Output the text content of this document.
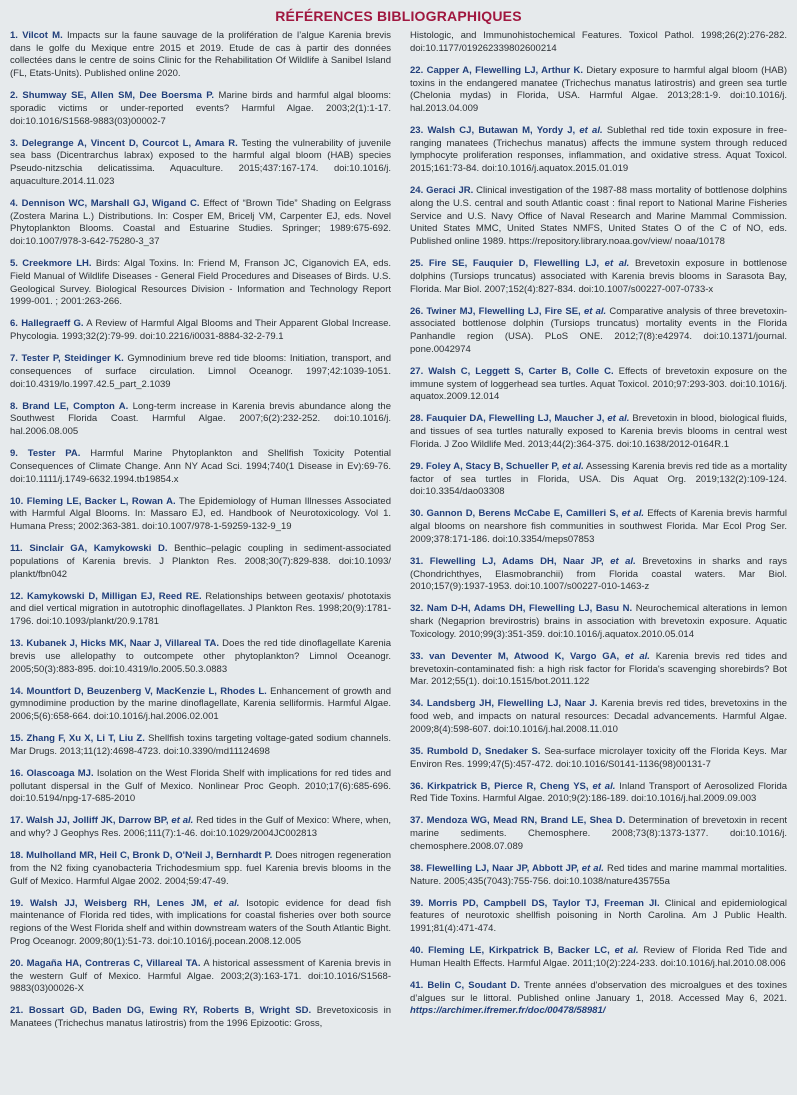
RÉFÉRENCES BIBLIOGRAPHIQUES

1. Vilcot M. Impacts sur la faune sauvage de la prolifération de l’algue Karenia brevis dans le golfe du Mexique entre 2015 et 2019. Etude de cas à partir des données collectées dans le centre de soins Clinic for the Rehabilitation Of Wildlife à Sanibel Island (FL, Etats-Units). Published online 2020.

2. Shumway SE, Allen SM, Dee Boersma P. Marine birds and harmful algal blooms: sporadic victims or under-reported events? Harmful Algae. 2003;2(1):1-17. doi:10.1016/S1568-9883(03)00002-7

3. Delegrange A, Vincent D, Courcot L, Amara R. Testing the vulnerability of juvenile sea bass (Dicentrarchus labrax) exposed to the harmful algal bloom (HAB) species Pseudo-nitzschia delicatissima. Aquaculture. 2015;437:167-174. doi:10.1016/j. aquaculture.2014.11.023

4. Dennison WC, Marshall GJ, Wigand C. Effect of “Brown Tide” Shading on Eelgrass (Zostera Marina L.) Distributions. In: Cosper EM, Bricelj VM, Carpenter EJ, eds. Novel Phytoplankton Blooms. Coastal and Estuarine Studies. Springer; 1989:675-692. doi:10.1007/978-3-642-75280-3_37

5. Creekmore LH. Birds: Algal Toxins. In: Friend M, Franson JC, Ciganovich EA, eds. Field Manual of Wildlife Diseases - General Field Procedures and Diseases of Birds. U.S. Geological Survey. Biological Resources Division - Information and Technology Report 1999-001. ; 2001:263-266.

6. Hallegraeff G. A Review of Harmful Algal Blooms and Their Apparent Global Increase. Phycologia. 1993;32(2):79-99. doi:10.2216/i0031-8884-32-2-79.1

7. Tester P, Steidinger K. Gymnodinium breve red tide blooms: Initiation, transport, and consequences of surface circulation. Limnol Oceanogr. 1997;42:1039-1051. doi:10.4319/lo.1997.42.5_part_2.1039

8. Brand LE, Compton A. Long-term increase in Karenia brevis abundance along the Southwest Florida Coast. Harmful Algae. 2007;6(2):232-252. doi:10.1016/j. hal.2006.08.005

9. Tester PA. Harmful Marine Phytoplankton and Shellfish Toxicity Potential Consequences of Climate Change. Ann NY Acad Sci. 1994;740(1 Disease in Ev):69-76. doi:10.1111/j.1749-6632.1994.tb19854.x

10. Fleming LE, Backer L, Rowan A. The Epidemiology of Human Illnesses Associated with Harmful Algal Blooms. In: Massaro EJ, ed. Handbook of Neurotoxicology. Vol 1. Humana Press; 2002:363-381. doi:10.1007/978-1-59259-132-9_19

11. Sinclair GA, Kamykowski D. Benthic–pelagic coupling in sediment-associated populations of Karenia brevis. J Plankton Res. 2008;30(7):829-838. doi:10.1093/ plankt/fbn042

12. Kamykowski D, Milligan EJ, Reed RE. Relationships between geotaxis/ phototaxis and diel vertical migration in autotrophic dinoflagellates. J Plankton Res. 1998;20(9):1781-1796. doi:10.1093/plankt/20.9.1781

13. Kubanek J, Hicks MK, Naar J, Villareal TA. Does the red tide dinoflagellate Karenia brevis use allelopathy to outcompete other phytoplankton? Limnol Oceanogr. 2005;50(3):883-895. doi:10.4319/lo.2005.50.3.0883

14. Mountfort D, Beuzenberg V, MacKenzie L, Rhodes L. Enhancement of growth and gymnodimine production by the marine dinoflagellate, Karenia selliformis. Harmful Algae. 2006;5(6):658-664. doi:10.1016/j.hal.2006.02.001

15. Zhang F, Xu X, Li T, Liu Z. Shellfish toxins targeting voltage-gated sodium channels. Mar Drugs. 2013;11(12):4698-4723. doi:10.3390/md11124698

16. Olascoaga MJ. Isolation on the West Florida Shelf with implications for red tides and pollutant dispersal in the Gulf of Mexico. Nonlinear Proc Geoph. 2010;17(6):685-696. doi:10.5194/npg-17-685-2010

17. Walsh JJ, Jolliff JK, Darrow BP, et al. Red tides in the Gulf of Mexico: Where, when, and why? J Geophys Res. 2006;111(7):1-46. doi:10.1029/2004JC002813

18. Mulholland MR, Heil C, Bronk D, O'Neil J, Bernhardt P. Does nitrogen regeneration from the N2 fixing cyanobacteria Trichodesmium spp. fuel Karenia brevis blooms in the Gulf of Mexico. Harmful Algae 2002. 2004;59:47-49.

19. Walsh JJ, Weisberg RH, Lenes JM, et al. Isotopic evidence for dead fish maintenance of Florida red tides, with implications for coastal fisheries over both source regions of the West Florida shelf and within downstream waters of the South Atlantic Bight. Prog Oceanogr. 2009;80(1):51-73. doi:10.1016/j.pocean.2008.12.005

20. Magaña HA, Contreras C, Villareal TA. A historical assessment of Karenia brevis in the western Gulf of Mexico. Harmful Algae. 2003;2(3):163-171. doi:10.1016/S1568-9883(03)00026-X

21. Bossart GD, Baden DG, Ewing RY, Roberts B, Wright SD. Brevetoxicosis in Manatees (Trichechus manatus latirostris) from the 1996 Epizootic: Gross,

Histologic, and Immunohistochemical Features. Toxicol Pathol. 1998;26(2):276-282. doi:10.1177/019262339802600214

22. Capper A, Flewelling LJ, Arthur K. Dietary exposure to harmful algal bloom (HAB) toxins in the endangered manatee (Trichechus manatus latirostris) and green sea turtle (Chelonia mydas) in Florida, USA. Harmful Algae. 2013;28:1-9. doi:10.1016/j. hal.2013.04.009

23. Walsh CJ, Butawan M, Yordy J, et al. Sublethal red tide toxin exposure in free-ranging manatees (Trichechus manatus) affects the immune system through reduced lymphocyte proliferation responses, inflammation, and oxidative stress. Aquat Toxicol. 2015;161:73-84. doi:10.1016/j.aquatox.2015.01.019

24. Geraci JR. Clinical investigation of the 1987-88 mass mortality of bottlenose dolphins along the U.S. central and south Atlantic coast : final report to National Marine Fisheries Service and U.S. Navy Office of Naval Research and Marine Mammal Commission. United States MMC, United States NMFS, United States O of the C of NO, eds. Published online 1989. https://repository.library.noaa.gov/view/ noaa/10178

25. Fire SE, Fauquier D, Flewelling LJ, et al. Brevetoxin exposure in bottlenose dolphins (Tursiops truncatus) associated with Karenia brevis blooms in Sarasota Bay, Florida. Mar Biol. 2007;152(4):827-834. doi:10.1007/s00227-007-0733-x

26. Twiner MJ, Flewelling LJ, Fire SE, et al. Comparative analysis of three brevetoxin-associated bottlenose dolphin (Tursiops truncatus) mortality events in the Florida Panhandle region (USA). PLoS ONE. 2012;7(8):e42974. doi:10.1371/journal. pone.0042974

27. Walsh C, Leggett S, Carter B, Colle C. Effects of brevetoxin exposure on the immune system of loggerhead sea turtles. Aquat Toxicol. 2010;97:293-303. doi:10.1016/j. aquatox.2009.12.014

28. Fauquier DA, Flewelling LJ, Maucher J, et al. Brevetoxin in blood, biological fluids, and tissues of sea turtles naturally exposed to Karenia brevis blooms in central west Florida. J Zoo Wildlife Med. 2013;44(2):364-375. doi:10.1638/2012-0164R.1

29. Foley A, Stacy B, Schueller P, et al. Assessing Karenia brevis red tide as a mortality factor of sea turtles in Florida, USA. Dis Aquat Org. 2019;132(2):109-124. doi:10.3354/dao03308

30. Gannon D, Berens McCabe E, Camilleri S, et al. Effects of Karenia brevis harmful algal blooms on nearshore fish communities in southwest Florida. Mar Ecol Prog Ser. 2009;378:171-186. doi:10.3354/meps07853

31. Flewelling LJ, Adams DH, Naar JP, et al. Brevetoxins in sharks and rays (Chondrichthyes, Elasmobranchii) from Florida coastal waters. Mar Biol. 2010;157(9):1937-1953. doi:10.1007/s00227-010-1463-z

32. Nam D-H, Adams DH, Flewelling LJ, Basu N. Neurochemical alterations in lemon shark (Negaprion brevirostris) brains in association with brevetoxin exposure. Aquatic Toxicology. 2010;99(3):351-359. doi:10.1016/j.aquatox.2010.05.014

33. van Deventer M, Atwood K, Vargo GA, et al. Karenia brevis red tides and brevetoxin-contaminated fish: a high risk factor for Florida's scavenging shorebirds? Bot Mar. 2012;55(1). doi:10.1515/bot.2011.122

34. Landsberg JH, Flewelling LJ, Naar J. Karenia brevis red tides, brevetoxins in the food web, and impacts on natural resources: Decadal advancements. Harmful Algae. 2009;8(4):598-607. doi:10.1016/j.hal.2008.11.010

35. Rumbold D, Snedaker S. Sea-surface microlayer toxicity off the Florida Keys. Mar Environ Res. 1999;47(5):457-472. doi:10.1016/S0141-1136(98)00131-7

36. Kirkpatrick B, Pierce R, Cheng YS, et al. Inland Transport of Aerosolized Florida Red Tide Toxins. Harmful Algae. 2010;9(2):186-189. doi:10.1016/j.hal.2009.09.003

37. Mendoza WG, Mead RN, Brand LE, Shea D. Determination of brevetoxin in recent marine sediments. Chemosphere. 2008;73(8):1373-1377. doi:10.1016/j. chemosphere.2008.07.089

38. Flewelling LJ, Naar JP, Abbott JP, et al. Red tides and marine mammal mortalities. Nature. 2005;435(7043):755-756. doi:10.1038/nature435755a

39. Morris PD, Campbell DS, Taylor TJ, Freeman JI. Clinical and epidemiological features of neurotoxic shellfish poisoning in North Carolina. Am J Public Health. 1991;81(4):471-474.

40. Fleming LE, Kirkpatrick B, Backer LC, et al. Review of Florida Red Tide and Human Health Effects. Harmful Algae. 2011;10(2):224-233. doi:10.1016/j.hal.2010.08.006

41. Belin C, Soudant D. Trente années d'observation des microalgues et des toxines d’algues sur le littoral. Published online January 1, 2018. Accessed May 6, 2021. https://archimer.ifremer.fr/doc/00478/58981/
